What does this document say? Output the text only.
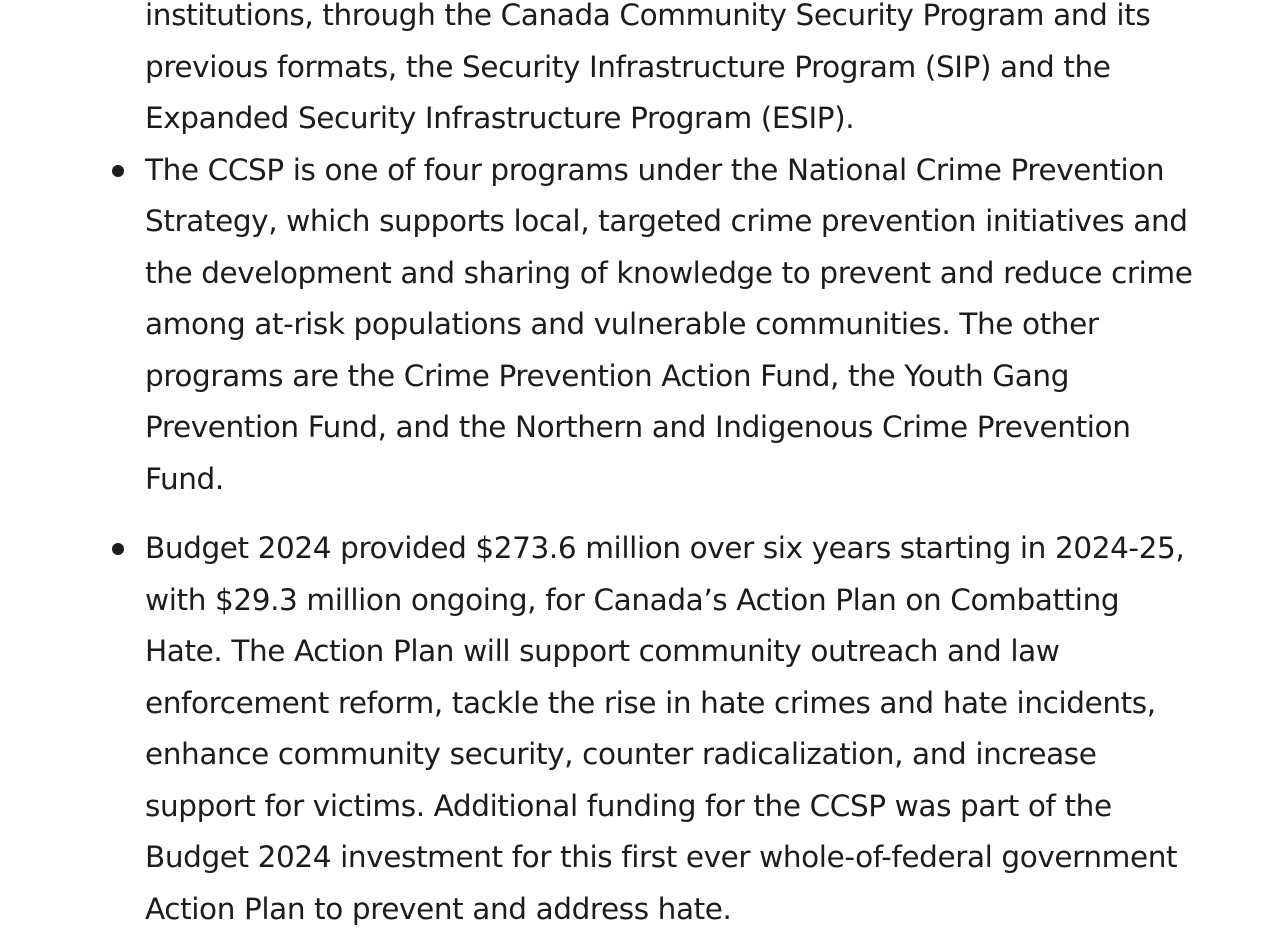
institutions, through the Canada Community Security Program and its previous formats, the Security Infrastructure Program (SIP) and the Expanded Security Infrastructure Program (ESIP).
The CCSP is one of four programs under the National Crime Prevention Strategy, which supports local, targeted crime prevention initiatives and the development and sharing of knowledge to prevent and reduce crime among at-risk populations and vulnerable communities. The other programs are the Crime Prevention Action Fund, the Youth Gang Prevention Fund, and the Northern and Indigenous Crime Prevention Fund.
Budget 2024 provided $273.6 million over six years starting in 2024-25, with $29.3 million ongoing, for Canada’s Action Plan on Combatting Hate. The Action Plan will support community outreach and law enforcement reform, tackle the rise in hate crimes and hate incidents, enhance community security, counter radicalization, and increase support for victims. Additional funding for the CCSP was part of the Budget 2024 investment for this first ever whole-of-federal government Action Plan to prevent and address hate.
